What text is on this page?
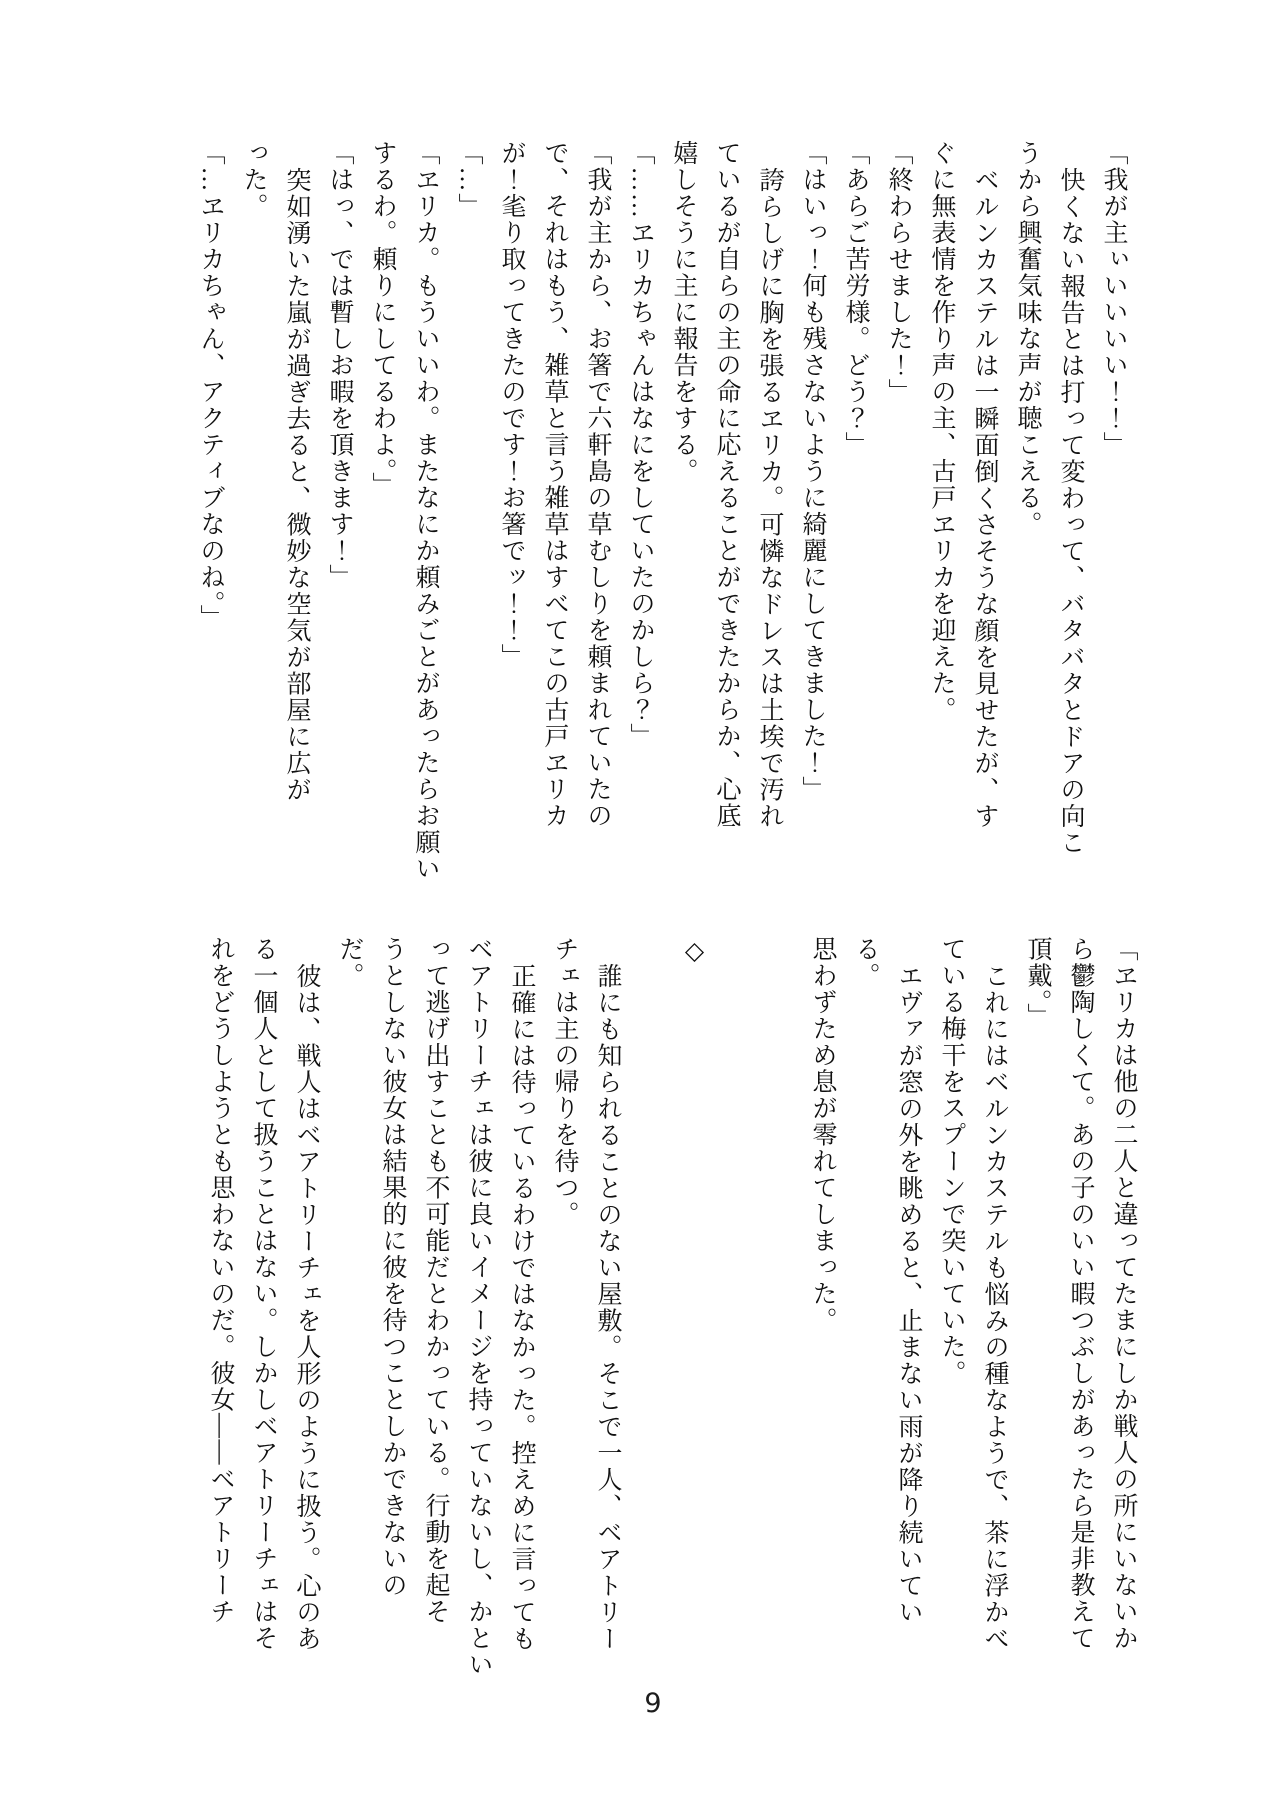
「我が主ぃいいいい！！」

快くない報告とは打って変わって、バタバタとドアの向こ

うから興奮気味な声が聴こえる。

ベルンカステルは一瞬面倒くさそうな顔を見せたが、す

ぐに無表情を作り声の主、古戸ヱリカを迎えた。

「終わらせました！」

「あらご苦労様。どう？」

「はいっ！何も残さないように綺麗にしてきました！」

誇らしげに胸を張るヱリカ。可憐なドレスは土埃で汚れ

ているが自らの主の命に応えることができたからか、心底

嬉しそうに主に報告をする。

「……ヱリカちゃんはなにをしていたのかしら？」

「我が主から、お箸で六軒島の草むしりを頼まれていたの

で、それはもう、雑草と言う雑草はすべてこの古戸ヱリカ

が！毟り取ってきたのです！お箸でッ！！」

「…」

「ヱリカ。もういいわ。またなにか頼みごとがあったらお願い

するわ。頼りにしてるわよ。」

「はっ、では暫しお暇を頂きます！」

突如湧いた嵐が過ぎ去ると、微妙な空気が部屋に広が

った。

「…ヱリカちゃん、アクティブなのね。」

「ヱリカは他の二人と違ってたまにしか戦人の所にいないか

ら鬱陶しくて。あの子のいい暇つぶしがあったら是非教えて

頂戴。」

これにはベルンカステルも悩みの種なようで、茶に浮かべ

ている梅干をスプーンで突いていた。

エヴァが窓の外を眺めると、止まない雨が降り続いてい

る。

思わずため息が零れてしまった。

◇

誰にも知られることのない屋敷。そこで一人、ベアトリー

チェは主の帰りを待つ。

正確には待っているわけではなかった。控えめに言っても

ベアトリーチェは彼に良いイメージを持っていないし、かとい

って逃げ出すことも不可能だとわかっている。行動を起そ

うとしない彼女は結果的に彼を待つことしかできないの

だ。

彼は、戦人はベアトリーチェを人形のように扱う。心のあ

る一個人として扱うことはない。しかしベアトリーチェはそ

れをどうしようとも思わないのだ。彼女――ベアトリーチ

9
